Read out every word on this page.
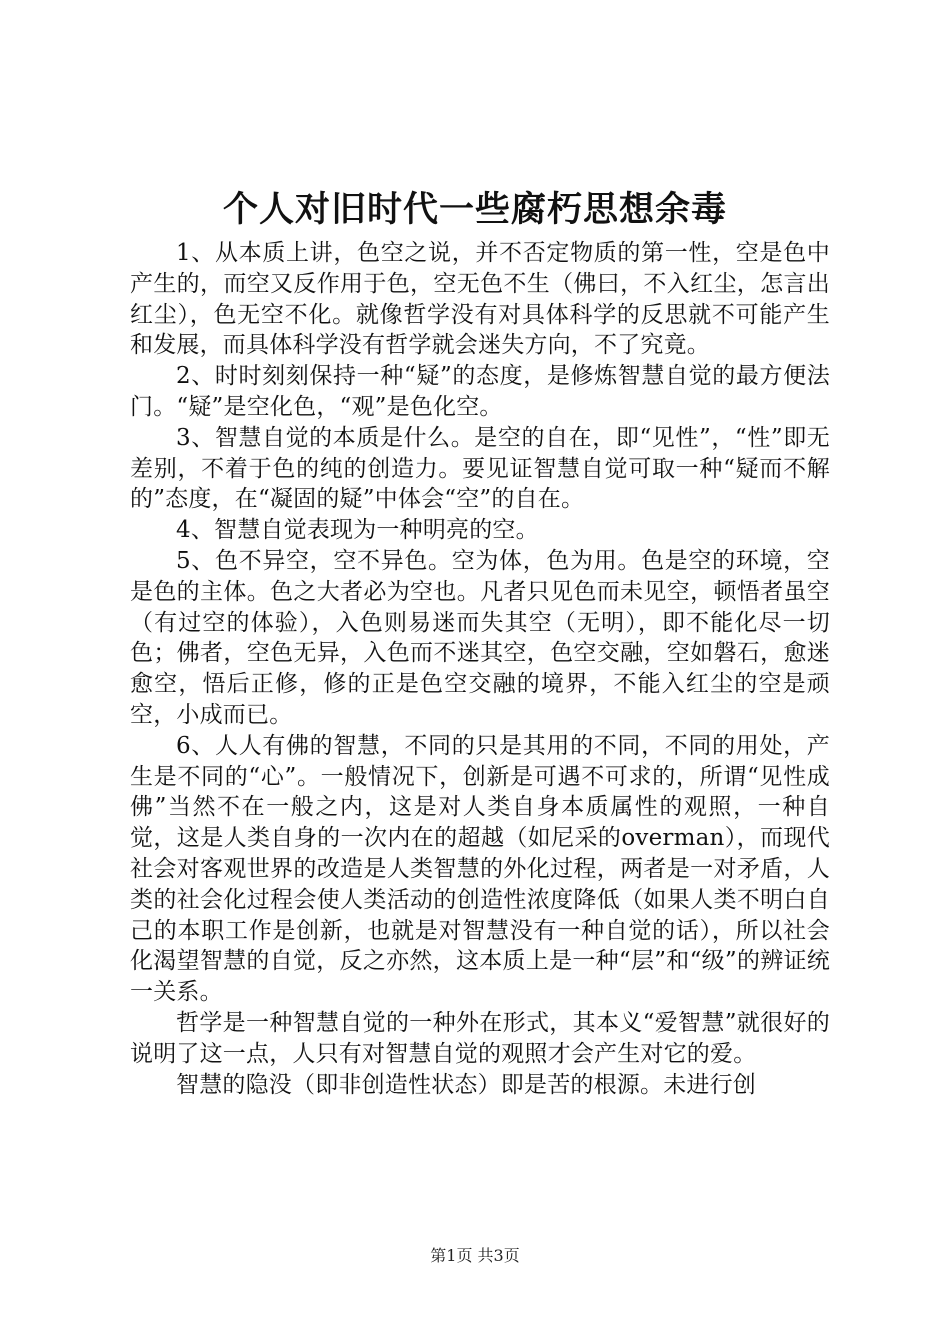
个人对旧时代一些腐朽思想余毒

1、从本质上讲，色空之说，并不否定物质的第一性，空是色中产生的，而空又反作用于色，空无色不生（佛曰，不入红尘，怎言出红尘），色无空不化。就像哲学没有对具体科学的反思就不可能产生和发展，而具体科学没有哲学就会迷失方向，不了究竟。

2、时时刻刻保持一种“疑”的态度，是修炼智慧自觉的最方便法门。“疑”是空化色，“观”是色化空。

3、智慧自觉的本质是什么。是空的自在，即“见性”，“性”即无差别，不着于色的纯的创造力。要见证智慧自觉可取一种“疑而不解的”态度，在“凝固的疑”中体会“空”的自在。

4、智慧自觉表现为一种明亮的空。

5、色不异空，空不异色。空为体，色为用。色是空的环境，空是色的主体。色之大者必为空也。凡者只见色而未见空，顿悟者虽空（有过空的体验），入色则易迷而失其空（无明），即不能化尽一切色；佛者，空色无异，入色而不迷其空，色空交融，空如磐石，愈迷愈空，悟后正修，修的正是色空交融的境界，不能入红尘的空是顽空，小成而已。

6、人人有佛的智慧，不同的只是其用的不同，不同的用处，产生是不同的“心”。一般情况下，创新是可遇不可求的，所谓“见性成佛”当然不在一般之内，这是对人类自身本质属性的观照，一种自觉，这是人类自身的一次内在的超越（如尼采的overman），而现代社会对客观世界的改造是人类智慧的外化过程，两者是一对矛盾，人类的社会化过程会使人类活动的创造性浓度降低（如果人类不明白自己的本职工作是创新，也就是对智慧没有一种自觉的话），所以社会化渴望智慧的自觉，反之亦然，这本质上是一种“层”和“级”的辨证统一关系。

哲学是一种智慧自觉的一种外在形式，其本义“爱智慧”就很好的说明了这一点，人只有对智慧自觉的观照才会产生对它的爱。

智慧的隐没（即非创造性状态）即是苦的根源。未进行创

第1页 共3页
